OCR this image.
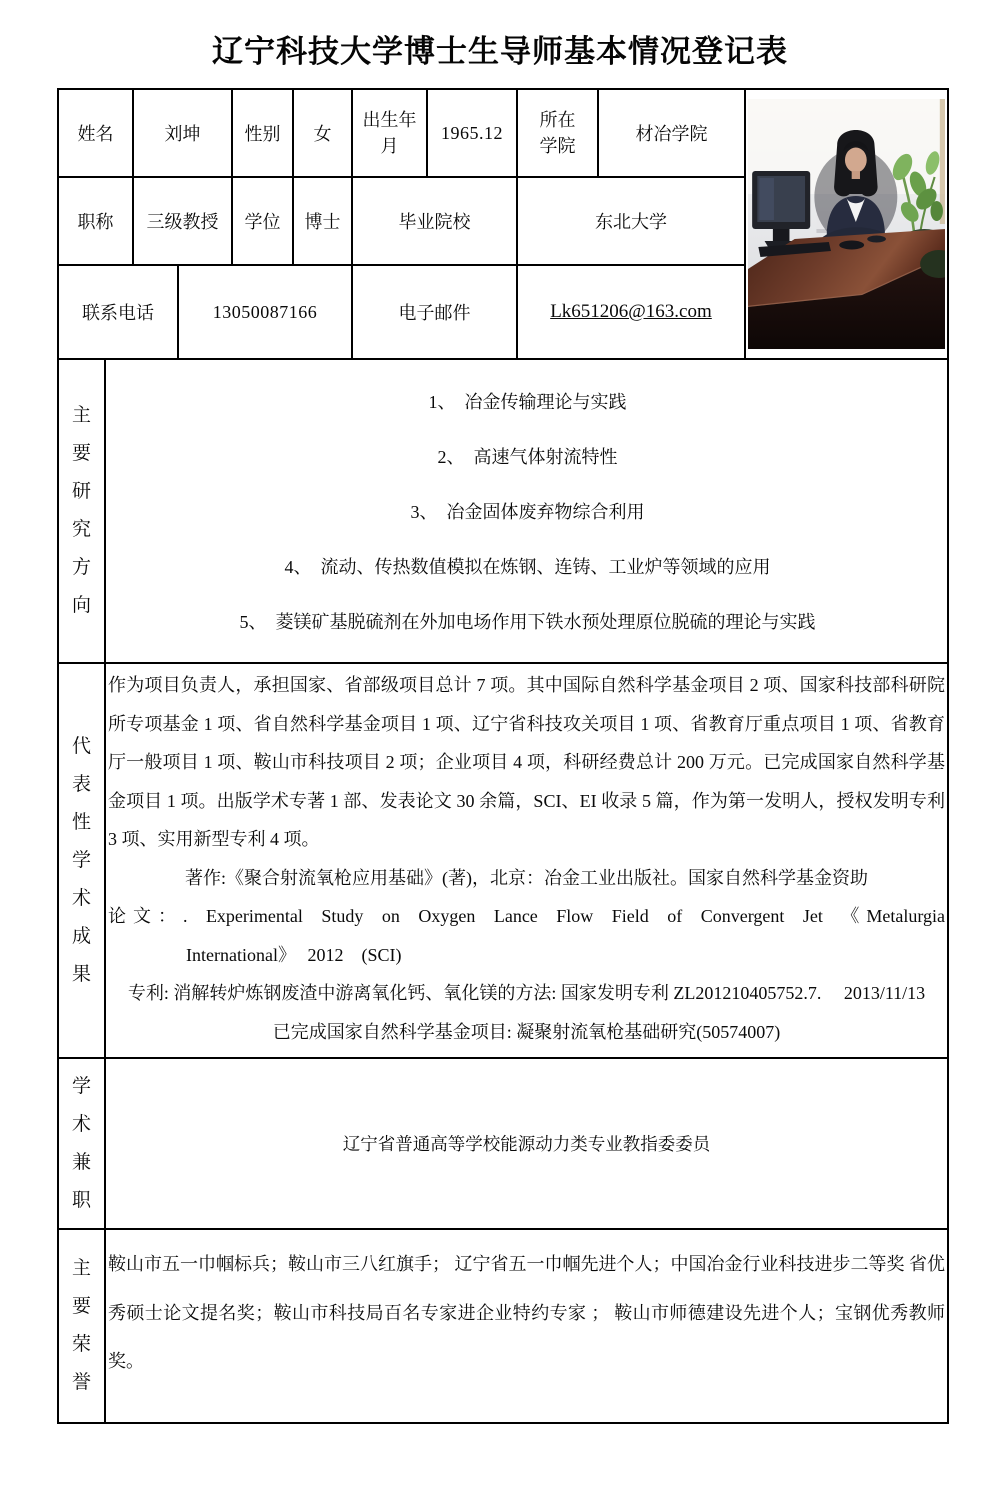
辽宁科技大学博士生导师基本情况登记表
姓名		刘坤		性别	女	出生年月	1965.12	所在学院	材冶学院	

职称		三级教授		学位	博士	毕业院校		东北大学		
联系电话			13050087166			电子邮件		Lk651206@163.com		
主要研究方向	1、　冶金传输理论与实践
2、　高速气体射流特性
3、　冶金固体废弃物综合利用
4、　流动、传热数值模拟在炼钢、连铸、工业炉等领域的应用
5、　菱镁矿基脱硫剂在外加电场作用下铁水预处理原位脱硫的理论与实践									

代表性学术成果	作为项目负责人，承担国家、省部级项目总计 7 项。其中国际自然科学基金项目 2 项、国家科技部科研院所专项基金 1 项、省自然科学基金项目 1 项、辽宁省科技攻关项目 1 项、省教育厅重点项目 1 项、省教育厅一般项目 1 项、鞍山市科技项目 2 项；企业项目 4 项，科研经费总计 200 万元。已完成国家自然科学基金项目 1 项。出版学术专著 1 部、发表论文 30 余篇，SCI、EI 收录 5 篇，作为第一发明人，授权发明专利 3 项、实用新型专利 4 项。
著作:《聚合射流氧枪应用基础》(著)，北京：冶金工业出版社。国家自然科学基金资助
论文：. Experimental Study on Oxygen Lance Flow Field of Convergent Jet 《Metalurgia International》 2012　(SCI)
专利: 消解转炉炼钢废渣中游离氧化钙、氧化镁的方法: 国家发明专利 ZL201210405752.7.　 2013/11/13
已完成国家自然科学基金项目: 凝聚射流氧枪基础研究(50574007)									

学术兼职	辽宁省普通高等学校能源动力类专业教指委委员									

主要荣誉	鞍山市五一巾帼标兵；鞍山市三八红旗手； 辽宁省五一巾帼先进个人；中国冶金行业科技进步二等奖 省优秀硕士论文提名奖；鞍山市科技局百名专家进企业特约专家 ； 鞍山市师德建设先进个人；宝钢优秀教师奖。									
